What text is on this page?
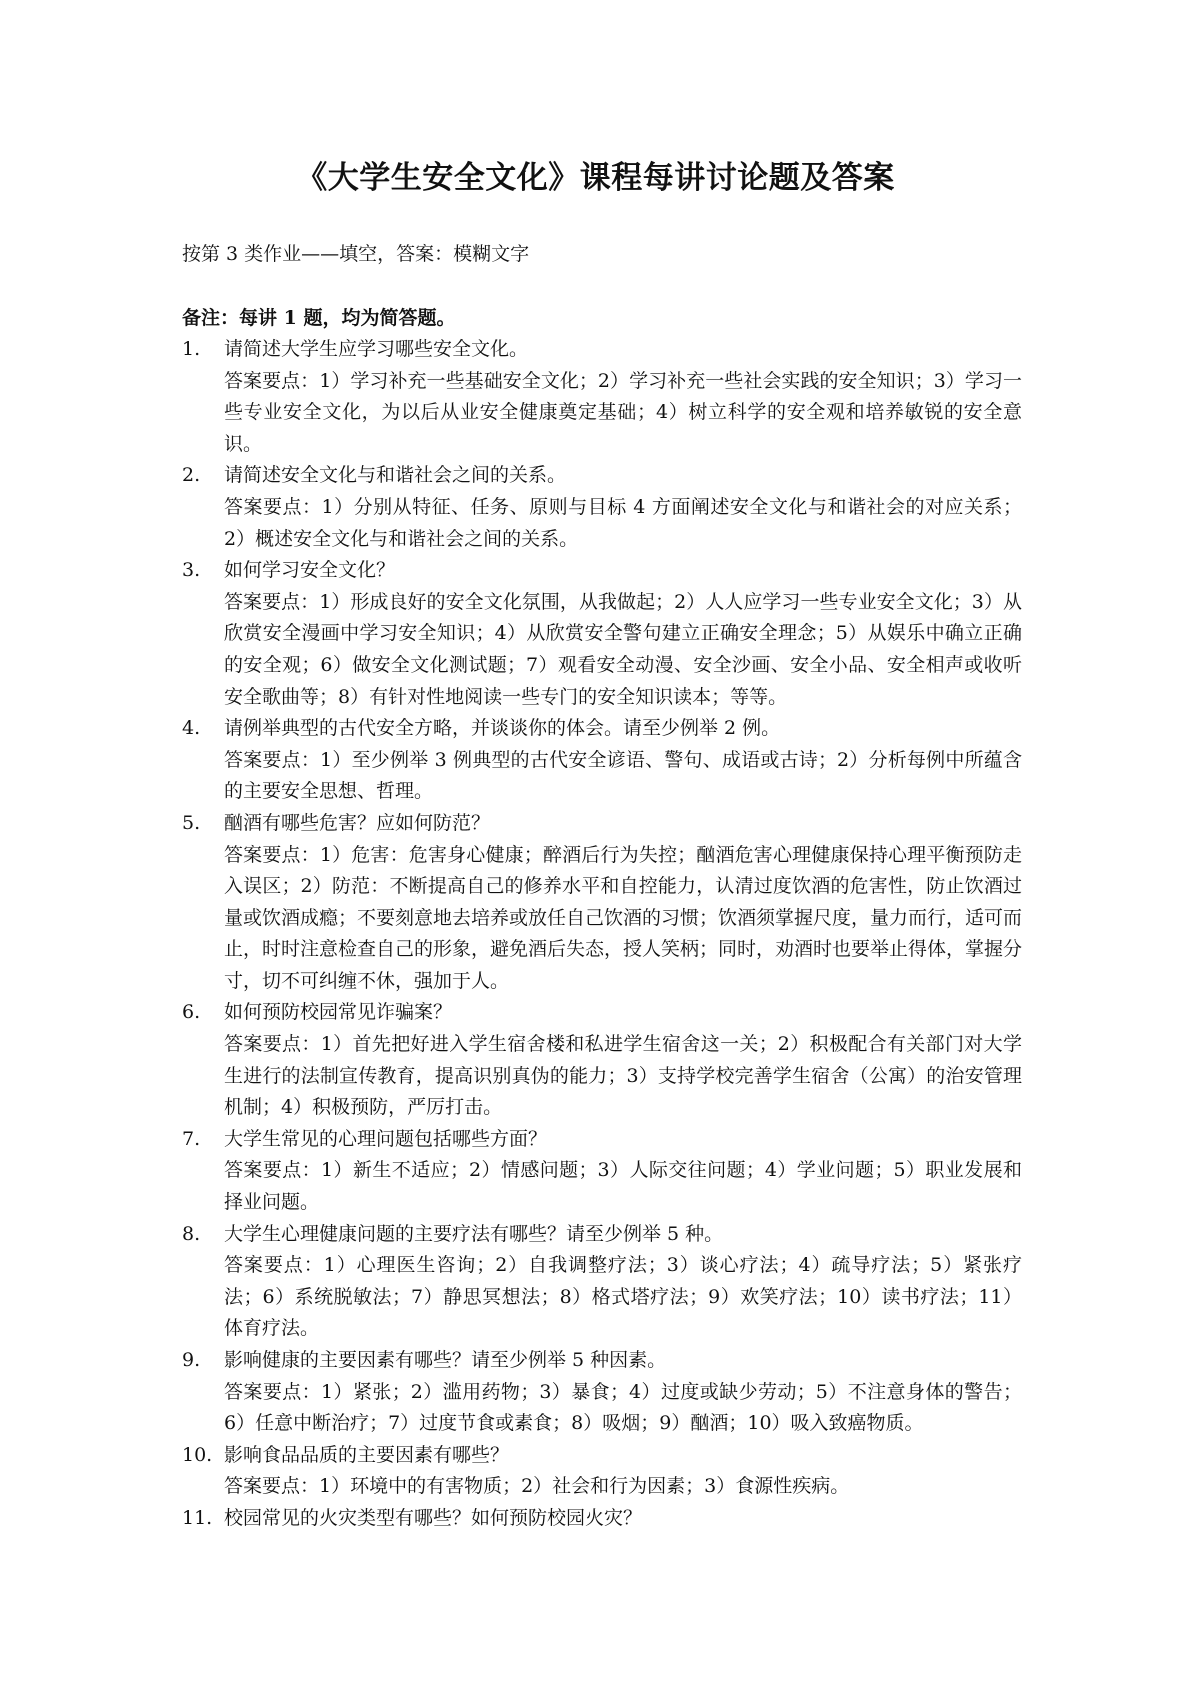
《大学生安全文化》课程每讲讨论题及答案

按第 3 类作业——填空，答案：模糊文字

备注：每讲 1 题，均为简答题。

1.	请简述大学生应学习哪些安全文化。
答案要点：1）学习补充一些基础安全文化；2）学习补充一些社会实践的安全知识；3）学习一些专业安全文化，为以后从业安全健康奠定基础；4）树立科学的安全观和培养敏锐的安全意识。
2.	请简述安全文化与和谐社会之间的关系。
答案要点：1）分别从特征、任务、原则与目标 4 方面阐述安全文化与和谐社会的对应关系；2）概述安全文化与和谐社会之间的关系。
3.	如何学习安全文化？
答案要点：1）形成良好的安全文化氛围，从我做起；2）人人应学习一些专业安全文化；3）从欣赏安全漫画中学习安全知识；4）从欣赏安全警句建立正确安全理念；5）从娱乐中确立正确的安全观；6）做安全文化测试题；7）观看安全动漫、安全沙画、安全小品、安全相声或收听安全歌曲等；8）有针对性地阅读一些专门的安全知识读本；等等。
4.	请例举典型的古代安全方略，并谈谈你的体会。请至少例举 2 例。
答案要点：1）至少例举 3 例典型的古代安全谚语、警句、成语或古诗；2）分析每例中所蕴含的主要安全思想、哲理。
5.	酗酒有哪些危害？应如何防范？
答案要点：1）危害：危害身心健康；醉酒后行为失控；酗酒危害心理健康保持心理平衡预防走入误区；2）防范：不断提高自己的修养水平和自控能力，认清过度饮酒的危害性，防止饮酒过量或饮酒成瘾；不要刻意地去培养或放任自己饮酒的习惯；饮酒须掌握尺度，量力而行，适可而止，时时注意检查自己的形象，避免酒后失态，授人笑柄；同时，劝酒时也要举止得体，掌握分寸，切不可纠缠不休，强加于人。
6.	如何预防校园常见诈骗案？
答案要点：1）首先把好进入学生宿舍楼和私进学生宿舍这一关；2）积极配合有关部门对大学生进行的法制宣传教育，提高识别真伪的能力；3）支持学校完善学生宿舍（公寓）的治安管理机制；4）积极预防，严厉打击。
7.	大学生常见的心理问题包括哪些方面？
答案要点：1）新生不适应；2）情感问题；3）人际交往问题；4）学业问题；5）职业发展和择业问题。
8.	大学生心理健康问题的主要疗法有哪些？请至少例举 5 种。
答案要点：1）心理医生咨询；2）自我调整疗法；3）谈心疗法；4）疏导疗法；5）紧张疗法；6）系统脱敏法；7）静思冥想法；8）格式塔疗法；9）欢笑疗法；10）读书疗法；11）体育疗法。
9.	影响健康的主要因素有哪些？请至少例举 5 种因素。
答案要点：1）紧张；2）滥用药物；3）暴食；4）过度或缺少劳动；5）不注意身体的警告；6）任意中断治疗；7）过度节食或素食；8）吸烟；9）酗酒；10）吸入致癌物质。
10. 影响食品品质的主要因素有哪些？
答案要点：1）环境中的有害物质；2）社会和行为因素；3）食源性疾病。
11. 校园常见的火灾类型有哪些？如何预防校园火灾？
